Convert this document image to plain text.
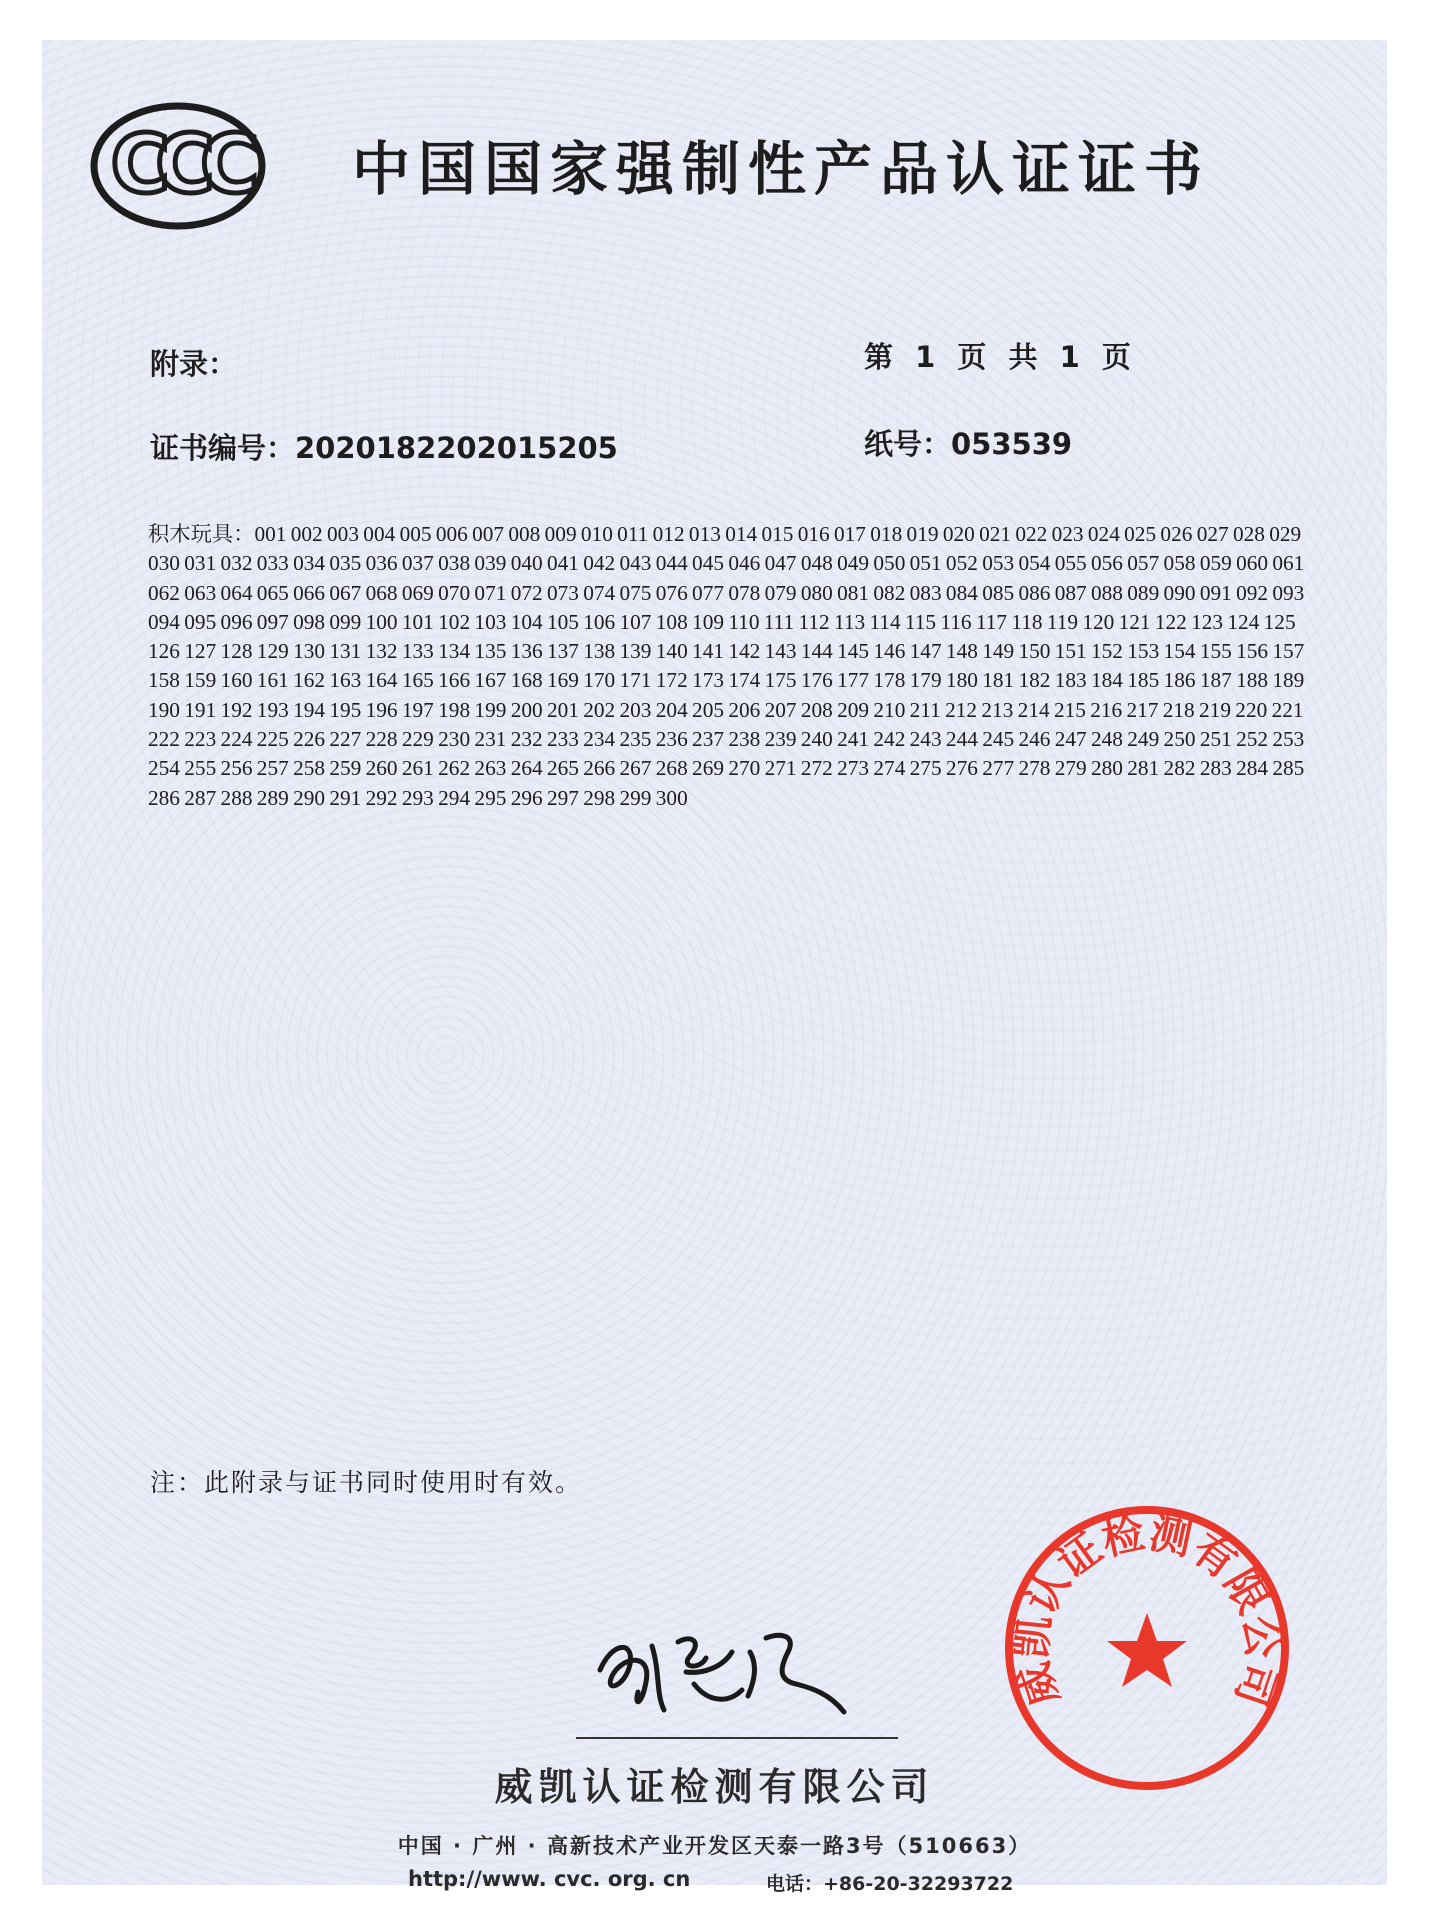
CCC 中国国家强制性产品认证证书
附录：	第 1 页 共 1 页
证书编号：2020182202015205	纸号：053539
积木玩具：001 002 003 004 005 006 007 008 009 010 011 012 013 014 015 016 017 018 019 020 021 022 023 024 025 026 027 028 029 030 031 032 033 034 035 036 037 038 039 040 041 042 043 044 045 046 047 048 049 050 051 052 053 054 055 056 057 058 059 060 061 062 063 064 065 066 067 068 069 070 071 072 073 074 075 076 077 078 079 080 081 082 083 084 085 086 087 088 089 090 091 092 093 094 095 096 097 098 099 100 101 102 103 104 105 106 107 108 109 110 111 112 113 114 115 116 117 118 119 120 121 122 123 124 125 126 127 128 129 130 131 132 133 134 135 136 137 138 139 140 141 142 143 144 145 146 147 148 149 150 151 152 153 154 155 156 157 158 159 160 161 162 163 164 165 166 167 168 169 170 171 172 173 174 175 176 177 178 179 180 181 182 183 184 185 186 187 188 189 190 191 192 193 194 195 196 197 198 199 200 201 202 203 204 205 206 207 208 209 210 211 212 213 214 215 216 217 218 219 220 221 222 223 224 225 226 227 228 229 230 231 232 233 234 235 236 237 238 239 240 241 242 243 244 245 246 247 248 249 250 251 252 253 254 255 256 257 258 259 260 261 262 263 264 265 266 267 268 269 270 271 272 273 274 275 276 277 278 279 280 281 282 283 284 285 286 287 288 289 290 291 292 293 294 295 296 297 298 299 300
注：此附录与证书同时使用时有效。
威凯认证检测有限公司
中国 · 广州 · 高新技术产业开发区天泰一路3号（510663）
http://www. cvc. org. cn	电话：+86-20-32293722
威凯认证检测有限公司
